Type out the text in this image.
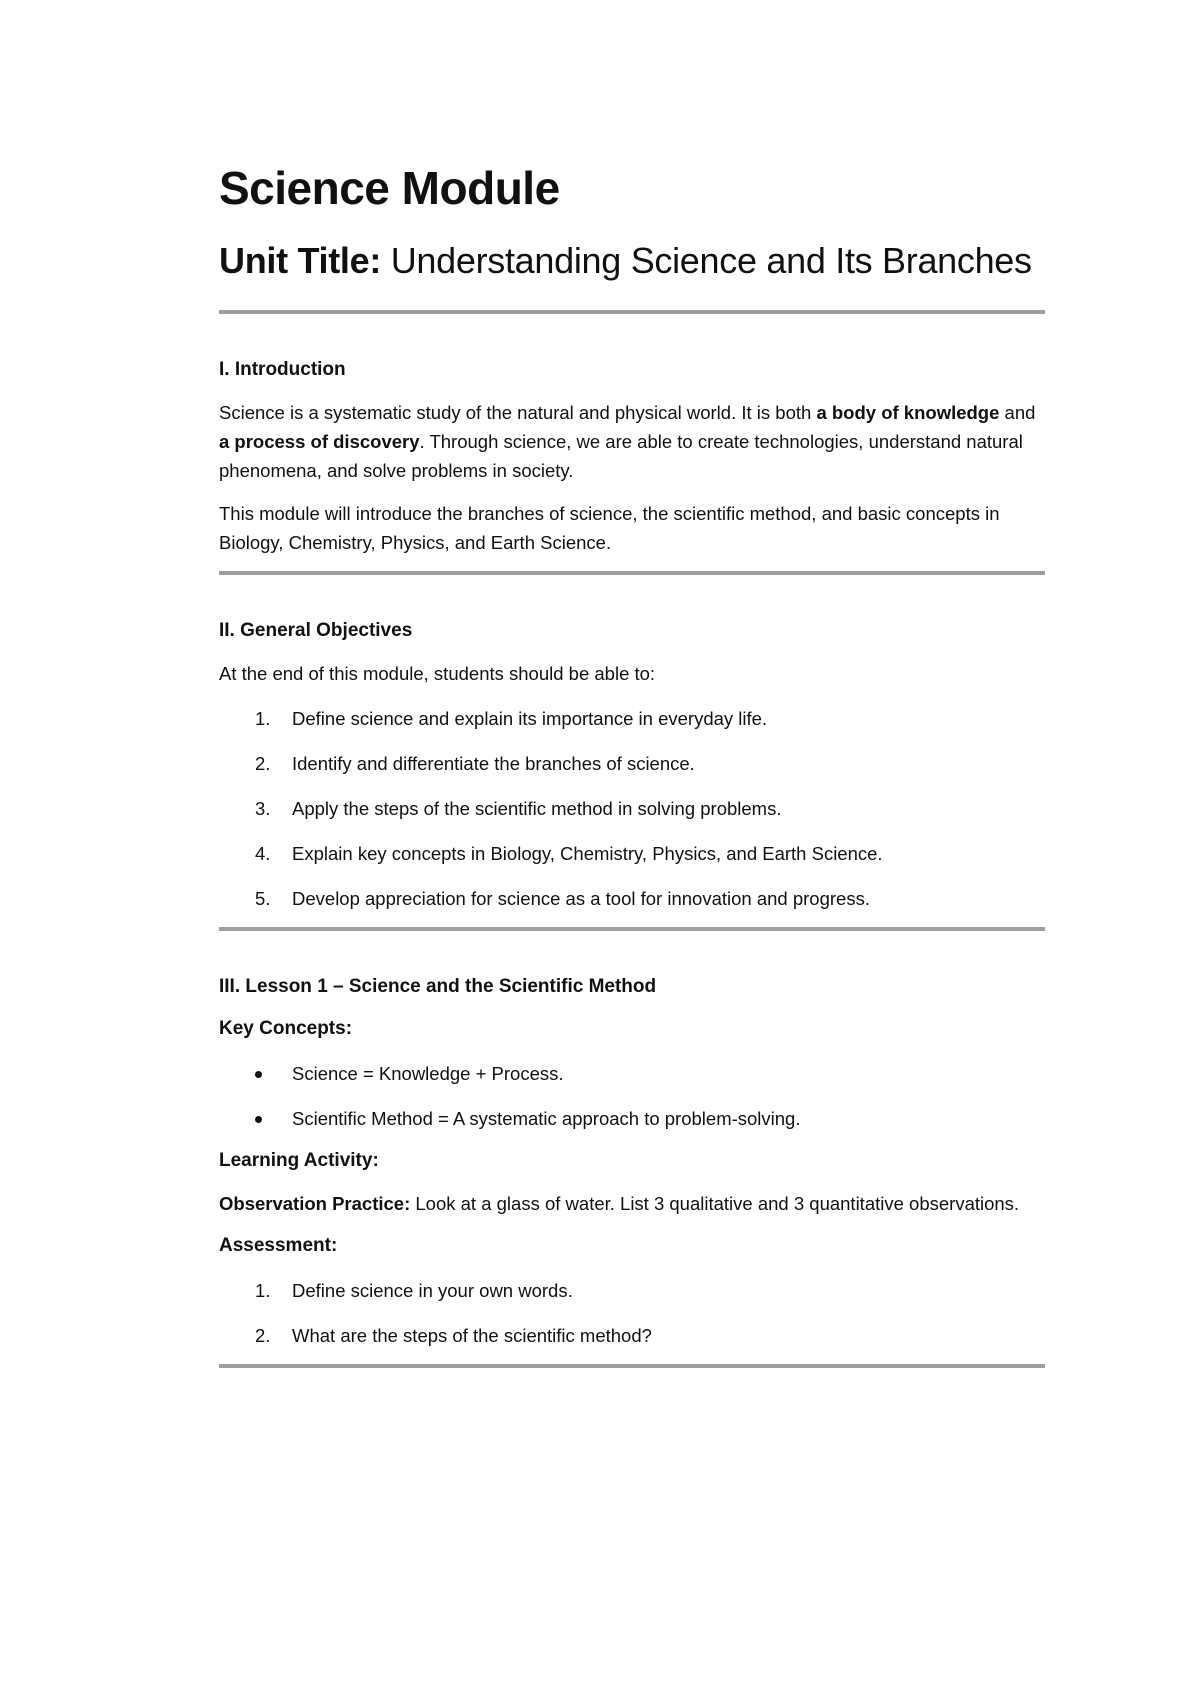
Science Module
Unit Title: Understanding Science and Its Branches
I. Introduction

Science is a systematic study of the natural and physical world. It is both a body of knowledge and a process of discovery. Through science, we are able to create technologies, understand natural phenomena, and solve problems in society.

This module will introduce the branches of science, the scientific method, and basic concepts in Biology, Chemistry, Physics, and Earth Science.

II. General Objectives

At the end of this module, students should be able to:

1.	Define science and explain its importance in everyday life.
2.	Identify and differentiate the branches of science.
3.	Apply the steps of the scientific method in solving problems.
4.	Explain key concepts in Biology, Chemistry, Physics, and Earth Science.
5.	Develop appreciation for science as a tool for innovation and progress.
III. Lesson 1 – Science and the Scientific Method

Key Concepts:

Science = Knowledge + Process.
Scientific Method = A systematic approach to problem-solving.

Learning Activity:

Observation Practice: Look at a glass of water. List 3 qualitative and 3 quantitative observations.

Assessment:

1.	Define science in your own words.
2.	What are the steps of the scientific method?
